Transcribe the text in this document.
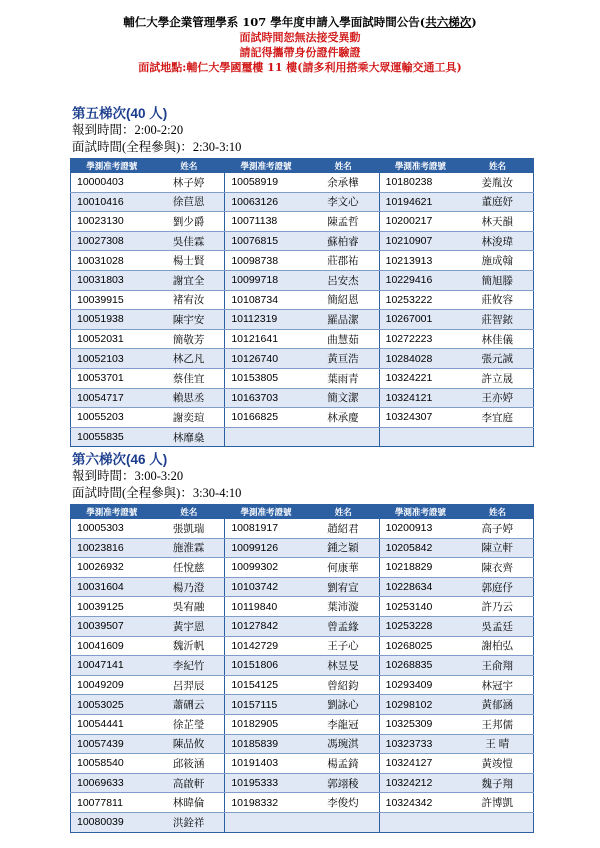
輔仁大學企業管理學系 107 學年度申請入學面試時間公告(共六梯次)
面試時間恕無法接受異動
請記得攜帶身份證件驗證
面試地點:輔仁大學國璽樓 11 樓(請多利用搭乘大眾運輸交通工具)
第五梯次(40 人)
報到時間：2:00-2:20
面試時間(全程參與)：2:30-3:10
學測准考證號	姓名	學測准考證號	姓名	學測准考證號	姓名
10000403	林子婷	10058919	余承樺	10180238	姜胤汝
10010416	徐苣恩	10063126	李文心	10194621	董庭妤
10023130	劉少爵	10071138	陳孟哲	10200217	林天韻
10027308	吳佳霖	10076815	蘇柏睿	10210907	林浚瑋
10031028	楊士賢	10098738	莊郡祐	10213913	施成翰
10031803	謝宜全	10099718	呂安杰	10229416	簡旭滕
10039915	褚宥汝	10108734	簡紹恩	10253222	莊攸容
10051938	陳宇安	10112319	羅品潔	10267001	莊智銥
10052031	簡敬芳	10121641	曲慧茹	10272223	林佳儀
10052103	林乙凡	10126740	黃亘浩	10284028	張元誠
10053701	蔡佳宜	10153805	葉雨青	10324221	許立晟
10054717	賴思丞	10163703	簡文潔	10324121	王亦婷
10055203	謝奕瑄	10166825	林承慶	10324307	李宜庭
10055835	林靡燊				
第六梯次(46 人)
報到時間：3:00-3:20
面試時間(全程參與)：3:30-4:10
學測准考證號	姓名	學測准考證號	姓名	學測准考證號	姓名
10005303	張凱瑞	10081917	趙紹君	10200913	高子婷
10023816	施淮霖	10099126	鍾之穎	10205842	陳立軒
10026932	任悅慈	10099302	何康華	10218829	陳衣齊
10031604	楊乃澄	10103742	劉宥宣	10228634	郭庭伃
10039125	吳宥融	10119840	葉沛漩	10253140	許乃云
10039507	黃宇恩	10127842	曾孟緣	10253228	吳孟廷
10041609	魏沂帆	10142729	王子心	10268025	謝柏弘
10047141	李紀竹	10151806	林昱旻	10268835	王俞翔
10049209	呂羿辰	10154125	曾紹鈞	10293409	林冠宇
10053025	蕭硎云	10157115	劉詠心	10298102	黃郁涵
10054441	徐芷瑩	10182905	李龍冠	10325309	王邦儒
10057439	陳品攸	10185839	馮琬淇	10323733	王 晴
10058540	邱筱涵	10191403	楊孟錡	10324127	黃竣愷
10069633	高啟軒	10195333	郭翊稜	10324212	魏子翔
10077811	林暐倫	10198332	李俊灼	10324342	許博凱
10080039	洪銓祥				
